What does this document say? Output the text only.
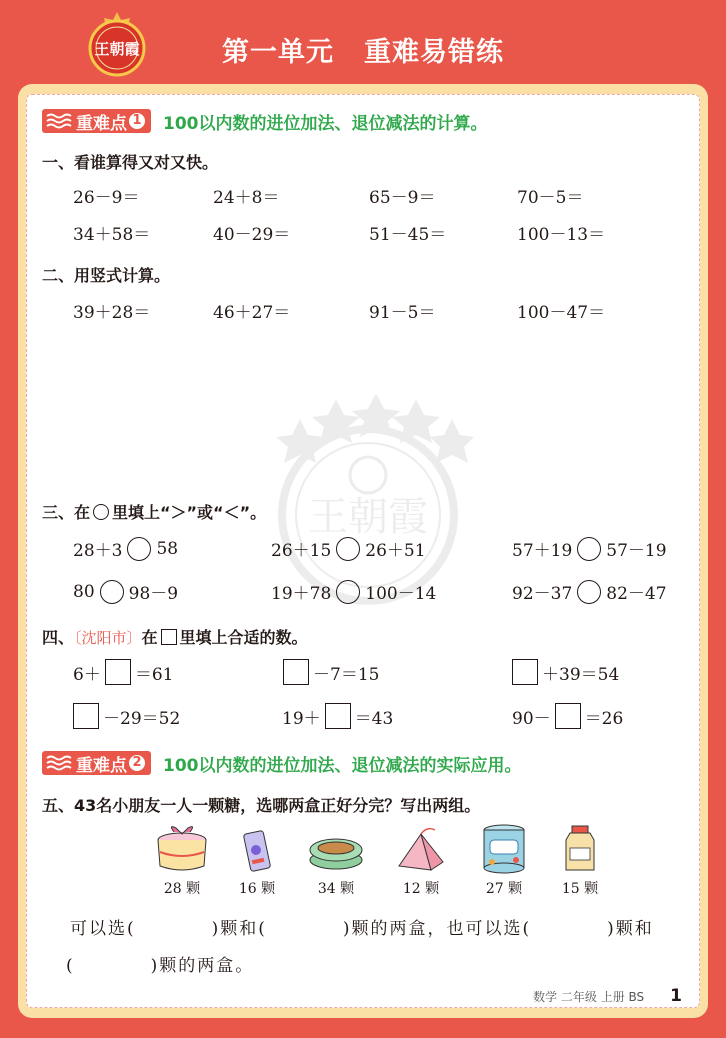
王朝霞	第一单元 重难易错练
王朝霞
重难点 1 100以内数的进位加法、退位减法的计算。
一、看谁算得又对又快。
26－9＝	24＋8＝	65－9＝	70－5＝
34＋58＝	40－29＝	51－45＝	100－13＝
二、用竖式计算。
39＋28＝	46＋27＝	91－5＝	100－47＝
三、在 里填上“＞”或“＜”。
28＋3 58	26＋15 26＋51	57＋19 57－19
80 98－9	19＋78 100－14	92－37 82－47
四、〔沈阳市〕在 里填上合适的数。
6＋ ＝61	－7＝15	＋39＝54
－29＝52	19＋ ＝43	90－ ＝26
重难点 2 100以内数的进位加法、退位减法的实际应用。
五、43名小朋友一人一颗糖，选哪两盒正好分完？写出两组。
28 颗	16 颗	34 颗	12 颗	27 颗	15 颗
可以选(　　　　)颗和(　　　　)颗的两盒，也可以选(　　　　)颗和
(　　　　)颗的两盒。
数学 二年级 上册 BS 1
